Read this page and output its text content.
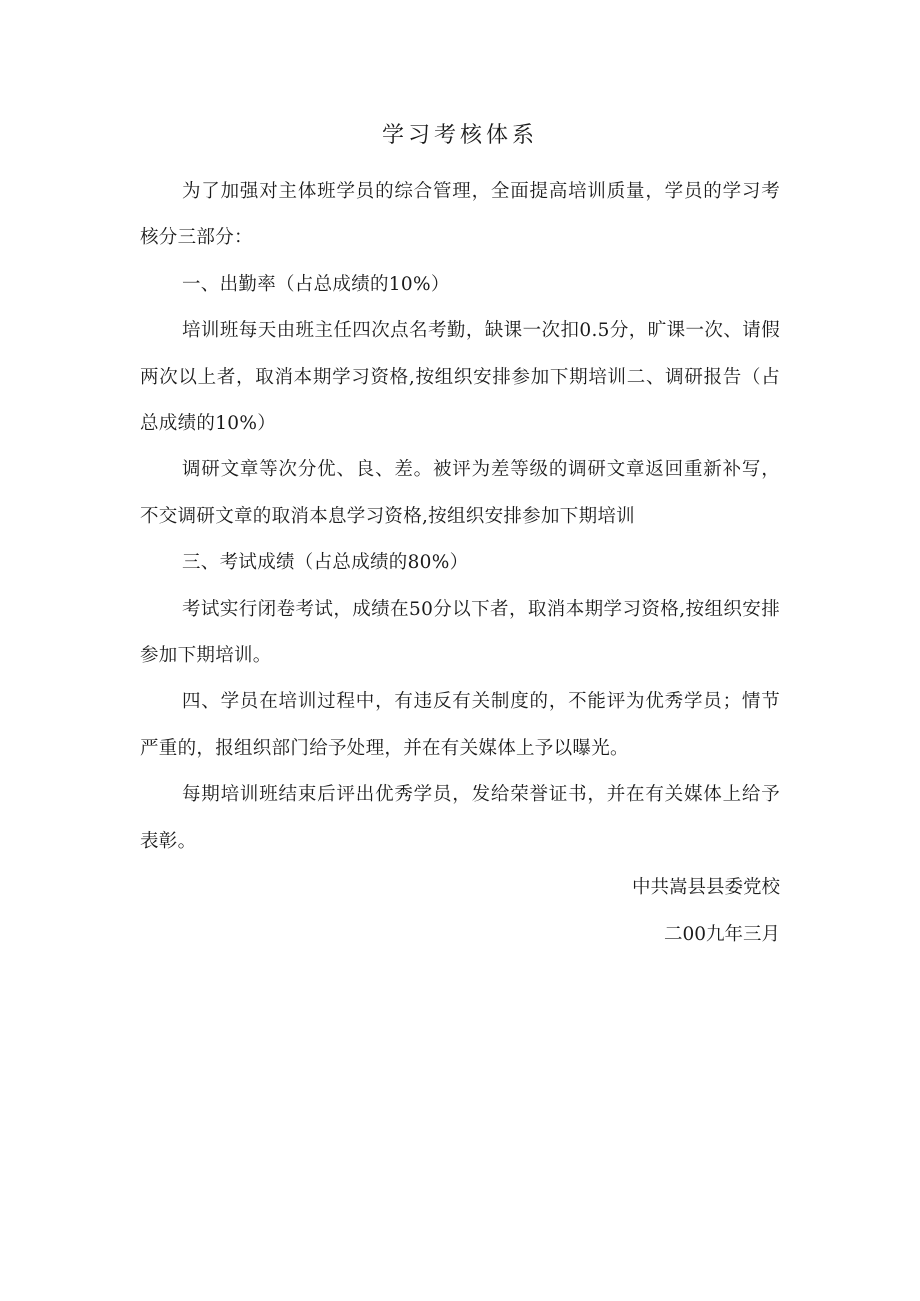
学习考核体系

为了加强对主体班学员的综合管理，全面提高培训质量，学员的学习考核分三部分：

一、出勤率（占总成绩的10%）

培训班每天由班主任四次点名考勤，缺课一次扣0.5分，旷课一次、请假两次以上者，取消本期学习资格,按组织安排参加下期培训二、调研报告（占总成绩的10%）

调研文章等次分优、良、差。被评为差等级的调研文章返回重新补写，不交调研文章的取消本息学习资格,按组织安排参加下期培训

三、考试成绩（占总成绩的80%）

考试实行闭卷考试，成绩在50分以下者，取消本期学习资格,按组织安排参加下期培训。

四、学员在培训过程中，有违反有关制度的，不能评为优秀学员；情节严重的，报组织部门给予处理，并在有关媒体上予以曝光。

每期培训班结束后评出优秀学员，发给荣誉证书，并在有关媒体上给予表彰。

中共嵩县县委党校

二00九年三月
